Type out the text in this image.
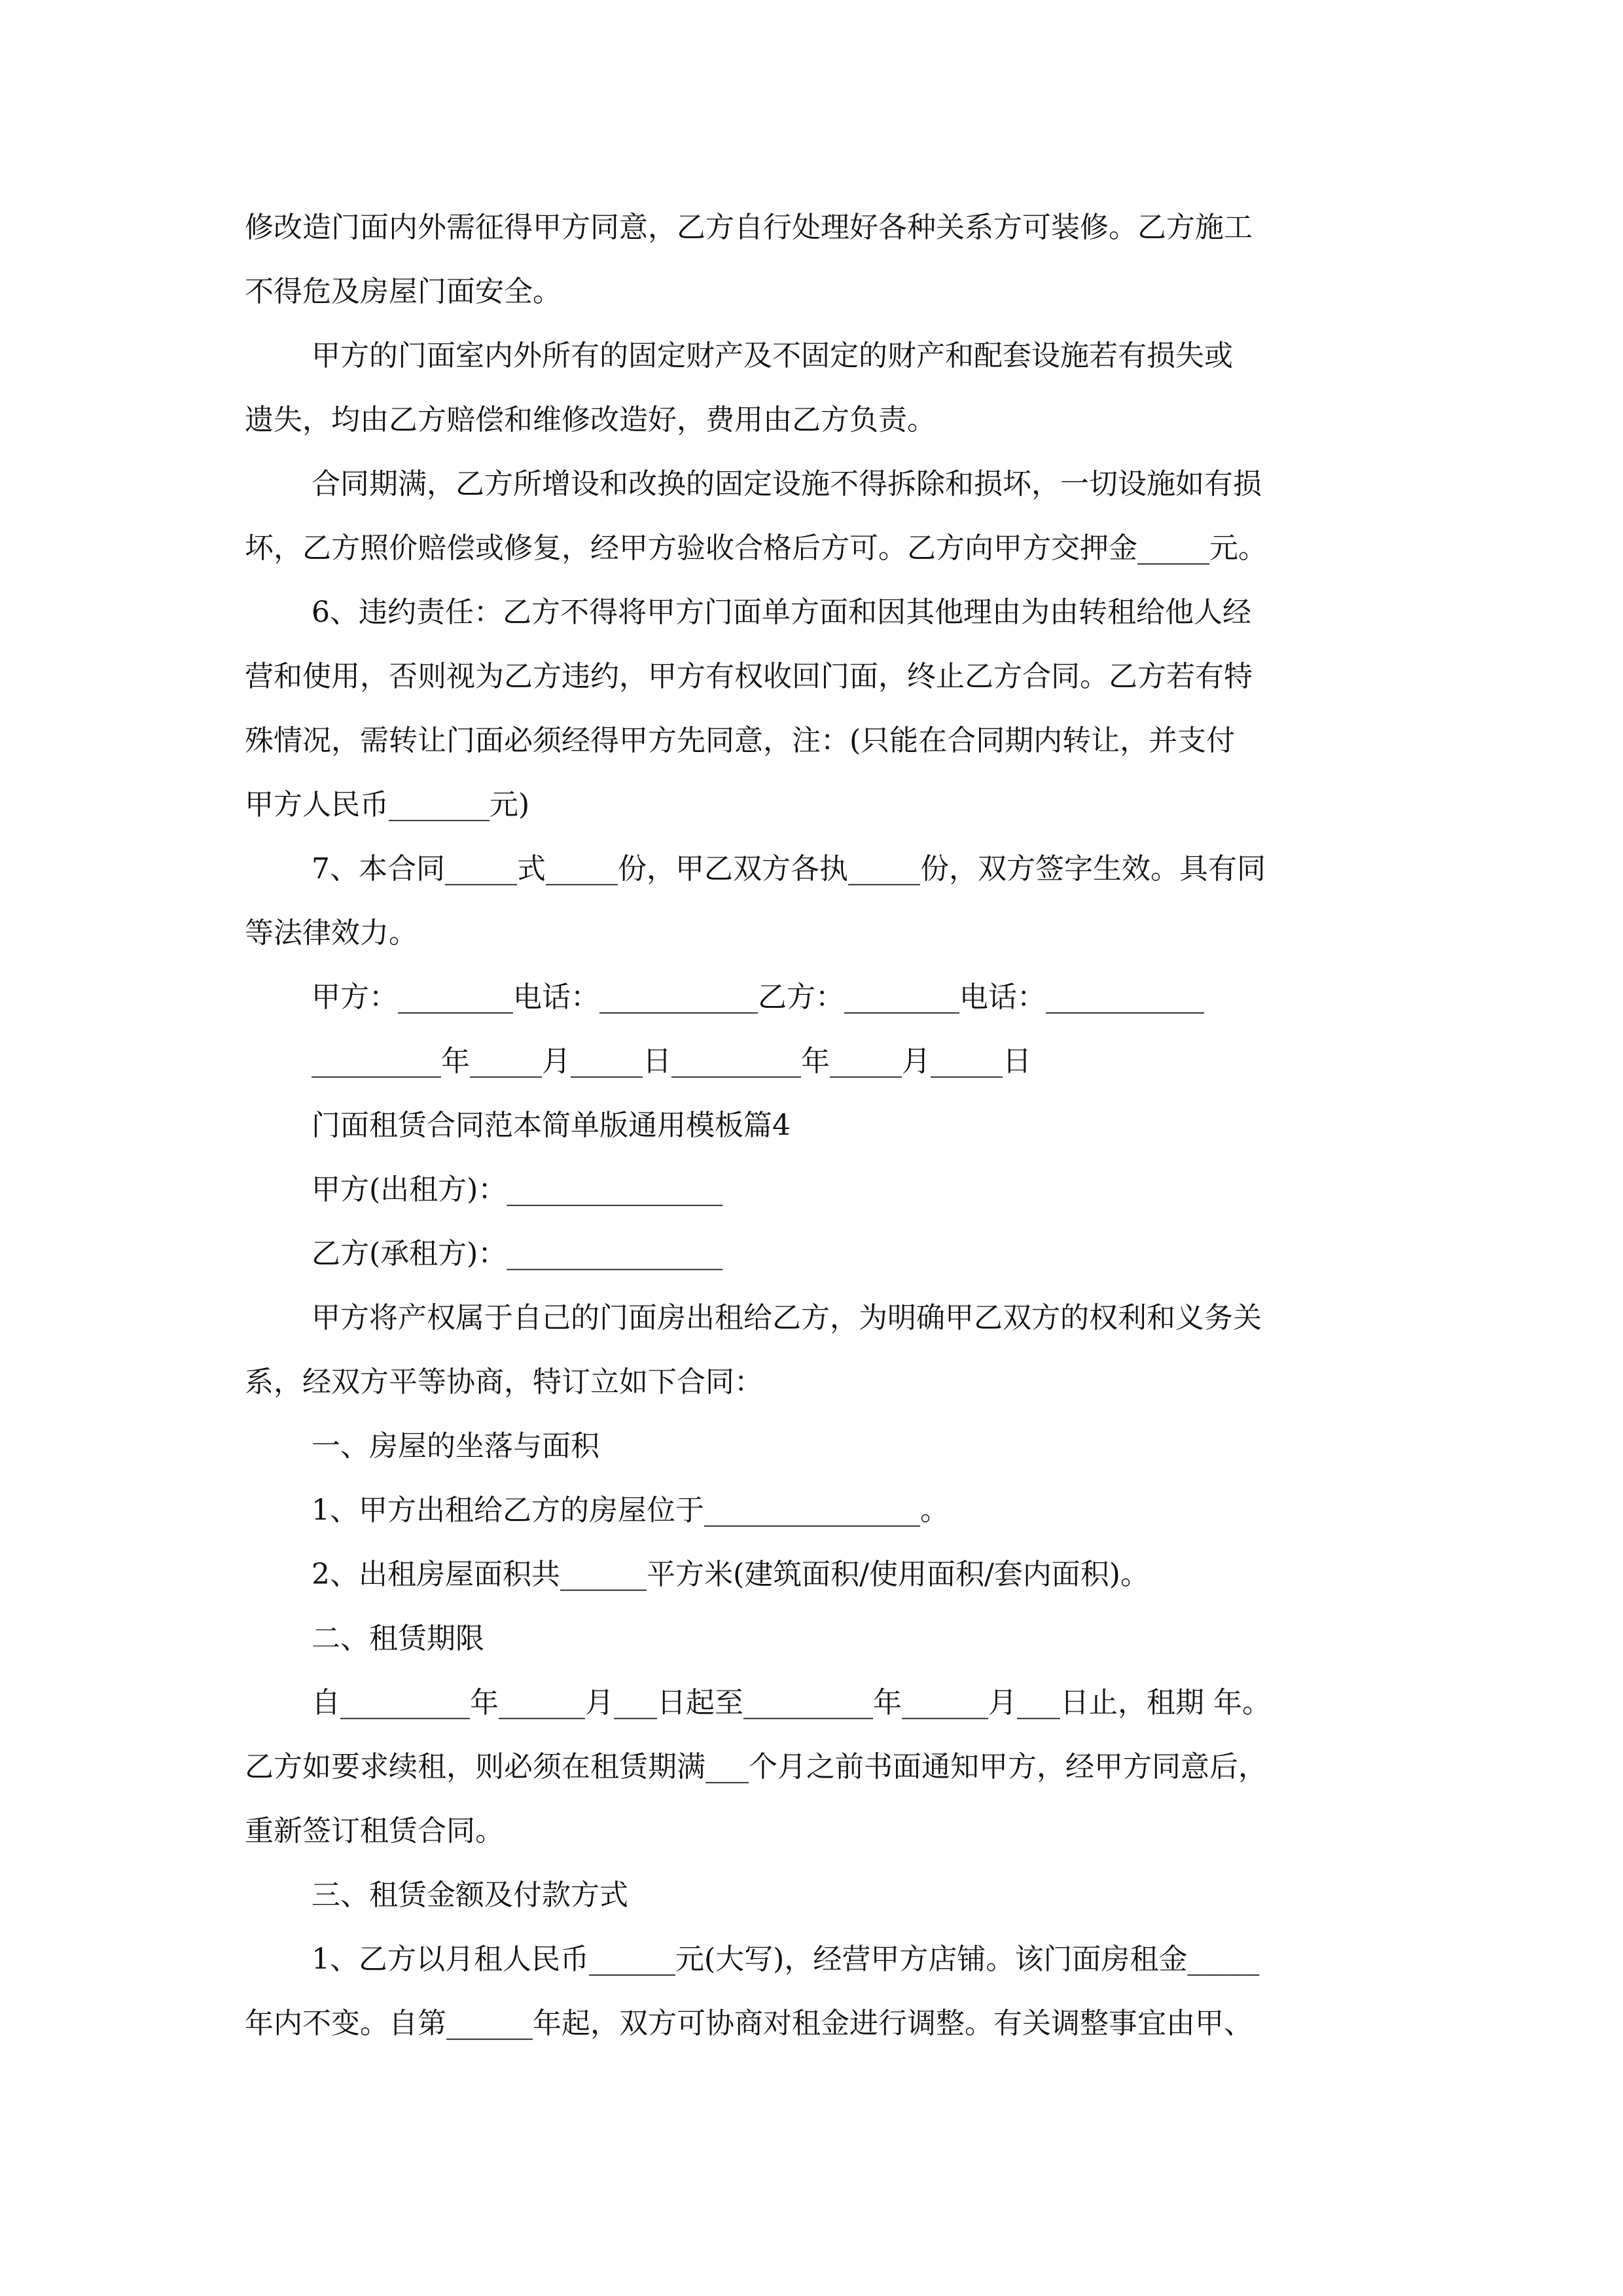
修改造门面内外需征得甲方同意，乙方自行处理好各种关系方可装修。乙方施工
不得危及房屋门面安全。
甲方的门面室内外所有的固定财产及不固定的财产和配套设施若有损失或
遗失，均由乙方赔偿和维修改造好，费用由乙方负责。
合同期满，乙方所增设和改换的固定设施不得拆除和损坏，一切设施如有损
坏，乙方照价赔偿或修复，经甲方验收合格后方可。乙方向甲方交押金_____元。
6、违约责任：乙方不得将甲方门面单方面和因其他理由为由转租给他人经
营和使用，否则视为乙方违约，甲方有权收回门面，终止乙方合同。乙方若有特
殊情况，需转让门面必须经得甲方先同意，注：(只能在合同期内转让，并支付
甲方人民币_______元)
7、本合同_____式_____份，甲乙双方各执_____份，双方签字生效。具有同
等法律效力。
甲方：________电话：___________乙方：________电话：___________
_________年_____月_____日_________年_____月_____日
门面租赁合同范本简单版通用模板篇4
甲方(出租方)：_______________
乙方(承租方)：_______________
甲方将产权属于自己的门面房出租给乙方，为明确甲乙双方的权利和义务关
系，经双方平等协商，特订立如下合同：
一、房屋的坐落与面积
1、甲方出租给乙方的房屋位于_______________。
2、出租房屋面积共______平方米(建筑面积/使用面积/套内面积)。
二、租赁期限
自_________年______月___日起至_________年______月___日止，租期 年。
乙方如要求续租，则必须在租赁期满___个月之前书面通知甲方，经甲方同意后，
重新签订租赁合同。
三、租赁金额及付款方式
1、乙方以月租人民币______元(大写)，经营甲方店铺。该门面房租金_____
年内不变。自第______年起，双方可协商对租金进行调整。有关调整事宜由甲、
